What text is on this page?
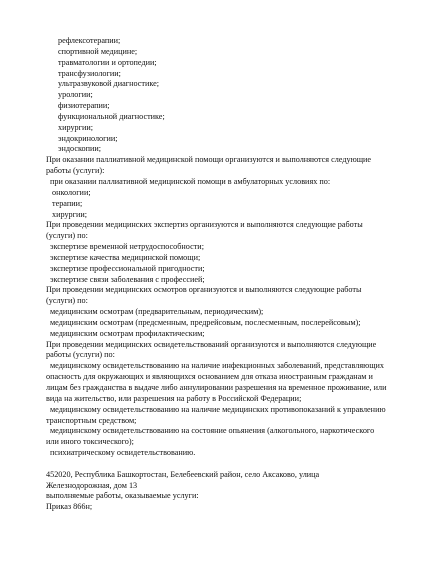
рефлексотерапии;
спортивной медицине;
травматологии и ортопедии;
трансфузиологии;
ультразвуковой диагностике;
урологии;
физиотерапии;
функциональной диагностике;
хирургии;
эндокринологии;
эндоскопии;
При оказании паллиативной медицинской помощи организуются и выполняются следующие
работы (услуги):
при оказании паллиативной медицинской помощи в амбулаторных условиях по:
онкологии;
терапии;
хирургии;
При проведении медицинских экспертиз организуются и выполняются следующие работы
(услуги) по:
экспертизе временной нетрудоспособности;
экспертизе качества медицинской помощи;
экспертизе профессиональной пригодности;
экспертизе связи заболевания с профессией;
При проведении медицинских осмотров организуются и выполняются следующие работы
(услуги) по:
медицинским осмотрам (предварительным, периодическим);
медицинским осмотрам (предсменным, предрейсовым, послесменным, послерейсовым);
медицинским осмотрам профилактическим;
При проведении медицинских освидетельствований организуются и выполняются следующие
работы (услуги) по:
медицинскому освидетельствованию на наличие инфекционных заболеваний, представляющих
опасность для окружающих и являющихся основанием для отказа иностранным гражданам и
лицам без гражданства в выдаче либо аннулировании разрешения на временное проживание, или
вида на жительство, или разрешения на работу в Российской Федерации;
медицинскому освидетельствованию на наличие медицинских противопоказаний к управлению
транспортным средством;
медицинскому освидетельствованию на состояние опьянения (алкогольного, наркотического
или иного токсического);
психиатрическому освидетельствованию.
452020, Республика Башкортостан, Белебеевский район, село Аксаково, улица
Железнодорожная, дом 13
выполняемые работы, оказываемые услуги:
Приказ 866н;
